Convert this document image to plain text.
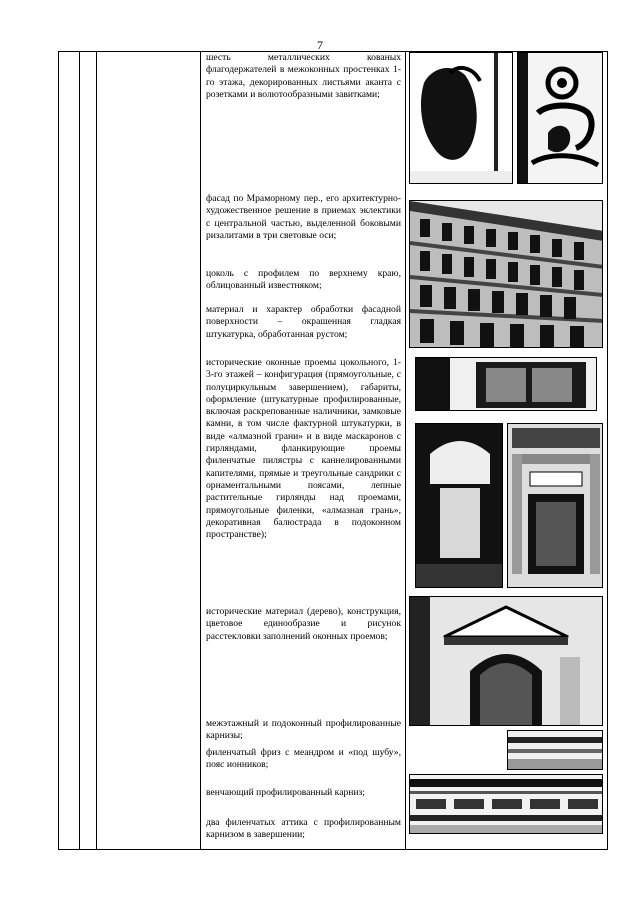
7
шесть металлических кованых флагодержателей в межоконных простенках 1-го этажа, декорированных листьями аканта с розетками и волютообразными завитками;
фасад по Мраморному пер., его архитектурно-художественное решение в приемах эклектики с центральной частью, выделенной боковыми ризалитами в три световые оси;
цоколь с профилем по верхнему краю, облицованный известняком;
материал и характер обработки фасадной поверхности – окрашенная гладкая штукатурка, обработанная рустом;
исторические оконные проемы цокольного, 1-3-го этажей – конфигурация (прямоугольные, с полуциркульным завершением), габариты, оформление (штукатурные профилированные, включая раскрепованные наличники, замковые камни, в том числе фактурной штукатурки, в виде «алмазной грани» и в виде маскаронов с гирляндами, фланкирующие проемы филенчатые пилястры с каннелированными капителями, прямые и треугольные сандрики с орнаментальными поясами, лепные растительные гирлянды над проемами, прямоугольные филенки, «алмазная грань», декоративная балюстрада в подоконном пространстве);
исторические материал (дерево), конструкция, цветовое единообразие и рисунок расстекловки заполнений оконных проемов;
межэтажный и подоконный профилированные карнизы;
филенчатый фриз с меандром и «под шубу», пояс ионников;
венчающий профилированный карниз;
два филенчатых аттика с профилированным карнизом в завершении;
